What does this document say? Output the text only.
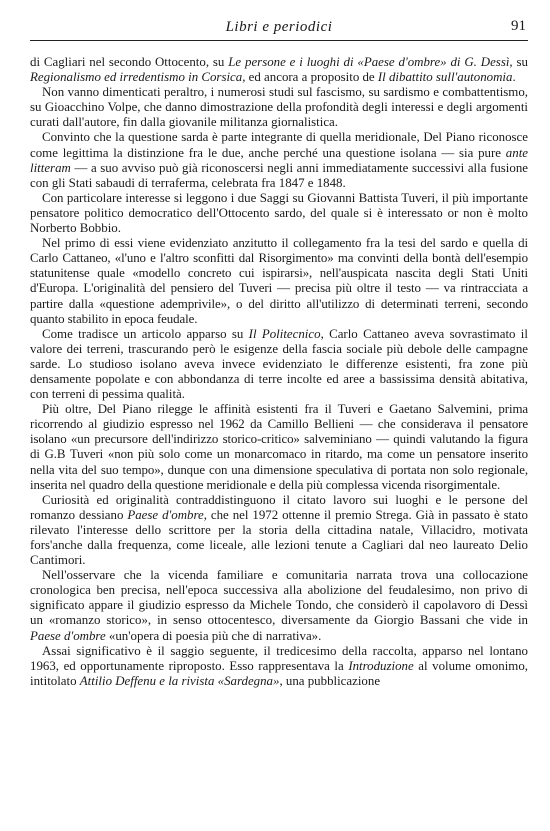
Libri e periodici	91

di Cagliari nel secondo Ottocento, su Le persone e i luoghi di «Paese d'ombre» di G. Dessì, su Regionalismo ed irredentismo in Corsica, ed ancora a proposito de Il dibattito sull'autonomia.

Non vanno dimenticati peraltro, i numerosi studi sul fascismo, su sardismo e combattentismo, su Gioacchino Volpe, che danno dimostrazione della profondità degli interessi e degli argomenti curati dall'autore, fin dalla giovanile militanza giornalistica.

Convinto che la questione sarda è parte integrante di quella meridionale, Del Piano riconosce come legittima la distinzione fra le due, anche perché una questione isolana — sia pure ante litteram — a suo avviso può già riconoscersi negli anni immediatamente successivi alla fusione con gli Stati sabaudi di terraferma, celebrata fra 1847 e 1848.

Con particolare interesse si leggono i due Saggi su Giovanni Battista Tuveri, il più importante pensatore politico democratico dell'Ottocento sardo, del quale si è interessato or non è molto Norberto Bobbio.

Nel primo di essi viene evidenziato anzitutto il collegamento fra la tesi del sardo e quella di Carlo Cattaneo, «l'uno e l'altro sconfitti dal Risorgimento» ma convinti della bontà dell'esempio statunitense quale «modello concreto cui ispirarsi», nell'auspicata nascita degli Stati Uniti d'Europa. L'originalità del pensiero del Tuveri — precisa più oltre il testo — va rintracciata a partire dalla «questione ademprivile», o del diritto all'utilizzo di determinati terreni, secondo quanto stabilito in epoca feudale.

Come tradisce un articolo apparso su Il Politecnico, Carlo Cattaneo aveva sovrastimato il valore dei terreni, trascurando però le esigenze della fascia sociale più debole delle campagne sarde. Lo studioso isolano aveva invece evidenziato le differenze esistenti, fra zone più densamente popolate e con abbondanza di terre incolte ed aree a bassissima densità abitativa, con terreni di pessima qualità.

Più oltre, Del Piano rilegge le affinità esistenti fra il Tuveri e Gaetano Salvemini, prima ricorrendo al giudizio espresso nel 1962 da Camillo Bellieni — che considerava il pensatore isolano «un precursore dell'indirizzo storico-critico» salveminiano — quindi valutando la figura di G.B Tuveri «non più solo come un monarcomaco in ritardo, ma come un pensatore inserito nella vita del suo tempo», dunque con una dimensione speculativa di portata non solo regionale, inserita nel quadro della questione meridionale e della più complessa vicenda risorgimentale.

Curiosità ed originalità contraddistinguono il citato lavoro sui luoghi e le persone del romanzo dessiano Paese d'ombre, che nel 1972 ottenne il premio Strega. Già in passato è stato rilevato l'interesse dello scrittore per la storia della cittadina natale, Villacidro, motivata fors'anche dalla frequenza, come liceale, alle lezioni tenute a Cagliari dal neo laureato Delio Cantimori.

Nell'osservare che la vicenda familiare e comunitaria narrata trova una collocazione cronologica ben precisa, nell'epoca successiva alla abolizione del feudalesimo, non privo di significato appare il giudizio espresso da Michele Tondo, che considerò il capolavoro di Dessì un «romanzo storico», in senso ottocentesco, diversamente da Giorgio Bassani che vide in Paese d'ombre «un'opera di poesia più che di narrativa».

Assai significativo è il saggio seguente, il tredicesimo della raccolta, apparso nel lontano 1963, ed opportunamente riproposto. Esso rappresentava la Introduzione al volume omonimo, intitolato Attilio Deffenu e la rivista «Sardegna», una pubblicazione
